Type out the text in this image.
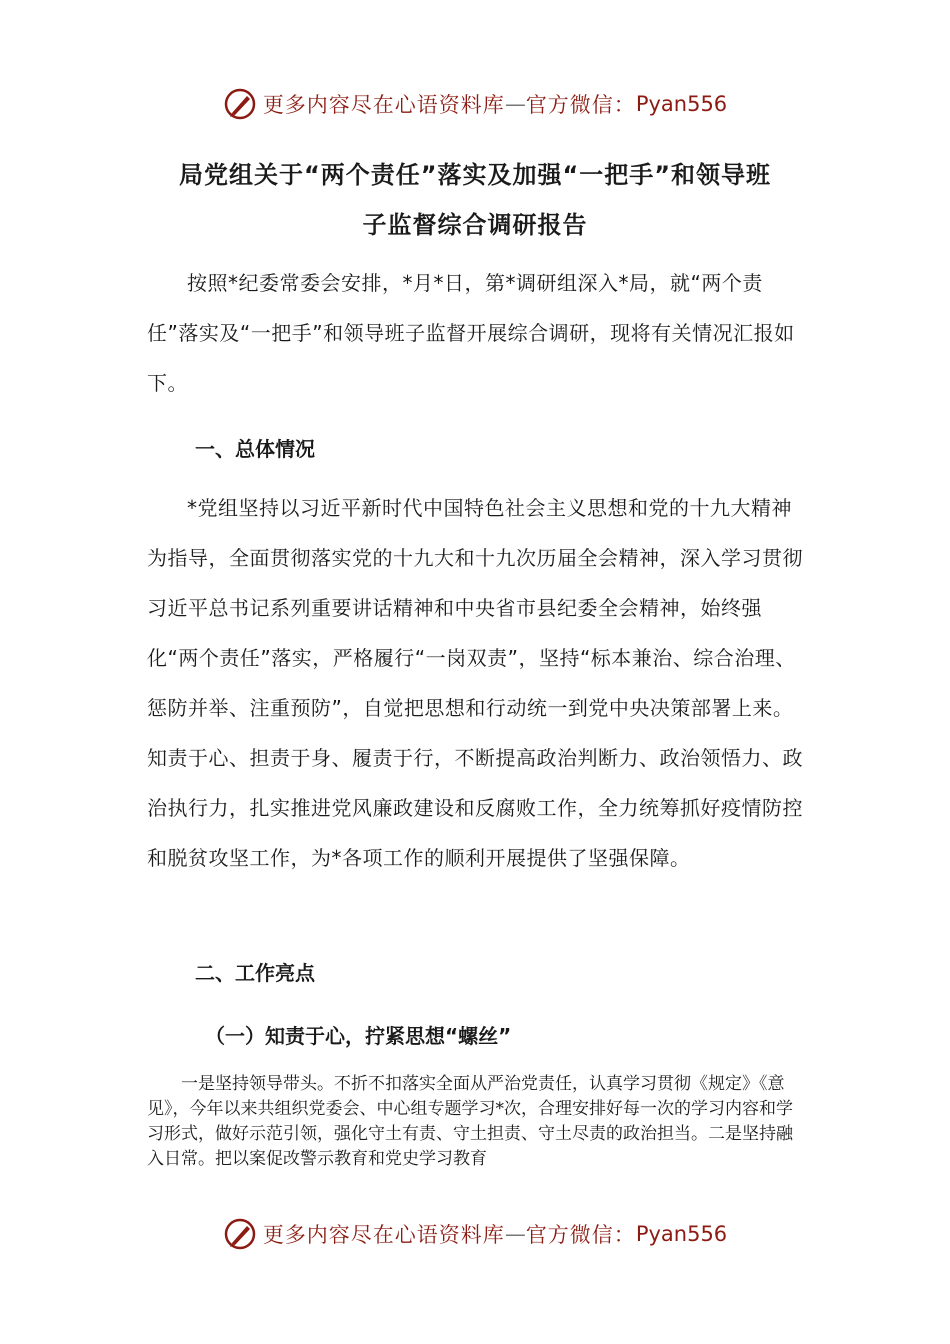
更多内容尽在心语资料库 — 官方微信： Pyan556
局党组关于“两个责任”落实及加强“一把手”和领导班
子监督综合调研报告

按照*纪委常委会安排，*月*日，第*调研组深入*局，就“两个责任”落实及“一把手”和领导班子监督开展综合调研，现将有关情况汇报如下。

一、总体情况

*党组坚持以习近平新时代中国特色社会主义思想和党的十九大精神为指导，全面贯彻落实党的十九大和十九次历届全会精神，深入学习贯彻习近平总书记系列重要讲话精神和中央省市县纪委全会精神，始终强化“两个责任”落实，严格履行“一岗双责”，坚持“标本兼治、综合治理、惩防并举、注重预防”，自觉把思想和行动统一到党中央决策部署上来。知责于心、担责于身、履责于行，不断提高政治判断力、政治领悟力、政治执行力，扎实推进党风廉政建设和反腐败工作，全力统筹抓好疫情防控和脱贫攻坚工作，为*各项工作的顺利开展提供了坚强保障。

二、工作亮点
（一）知责于心，拧紧思想“螺丝”

一是坚持领导带头。不折不扣落实全面从严治党责任，认真学习贯彻《规定》《意见》，今年以来共组织党委会、中心组专题学习*次，合理安排好每一次的学习内容和学习形式，做好示范引领，强化守土有责、守土担责、守土尽责的政治担当。二是坚持融入日常。把以案促改警示教育和党史学习教育

更多内容尽在心语资料库 — 官方微信： Pyan556
